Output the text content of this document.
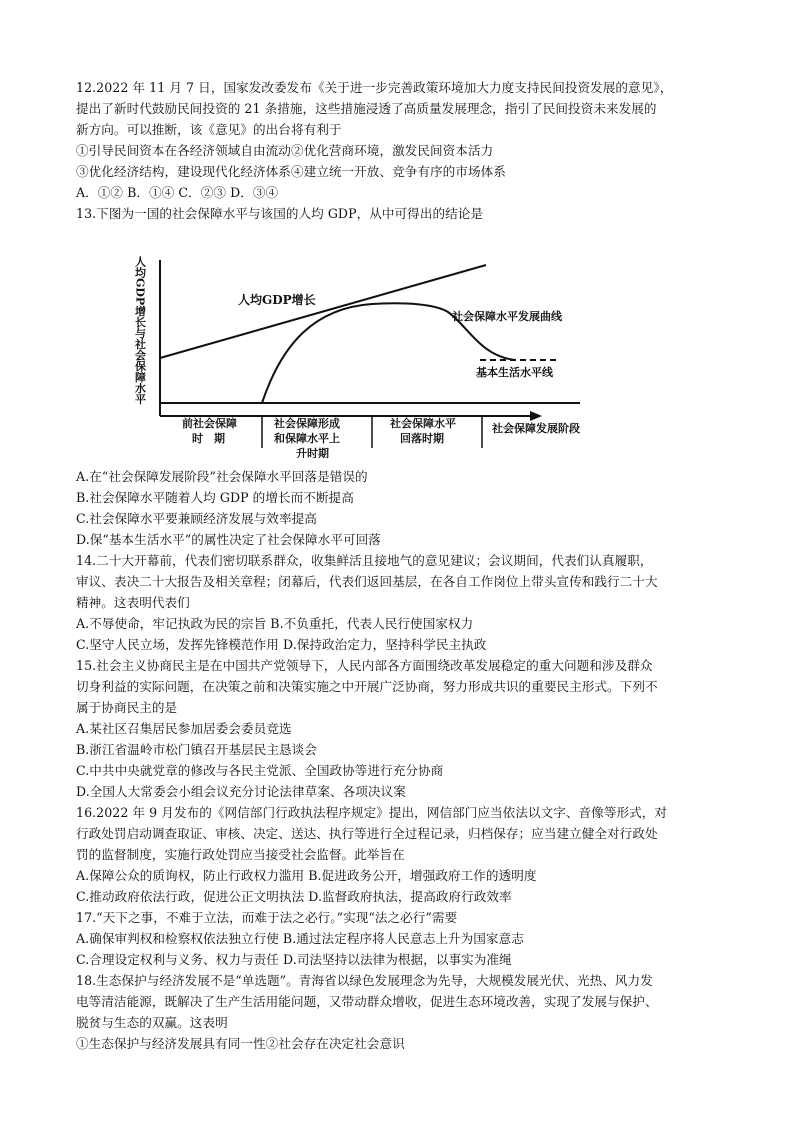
12.2022 年 11 月 7 日，国家发改委发布《关于进一步完善政策环境加大力度支持民间投资发展的意见》，
提出了新时代鼓励民间投资的 21 条措施，这些措施浸透了高质量发展理念，指引了民间投资未来发展的
新方向。可以推断，该《意见》的出台将有利于
①引导民间资本在各经济领域自由流动②优化营商环境，激发民间资本活力
③优化经济结构，建设现代化经济体系④建立统一开放、竞争有序的市场体系
A．①② B．①④ C．②③ D．③④
13.下图为一国的社会保障水平与该国的人均 GDP，从中可得出的结论是
人均GDP增长与社会保障水平	人均GDP增长
社会保障水平发展曲线
基本生活水平线
前社会保障
时　期
社会保障形成
和保障水平上
升时期
社会保障水平
回落时期
社会保障发展阶段
A.在“社会保障发展阶段”社会保障水平回落是错误的
B.社会保障水平随着人均 GDP 的增长而不断提高
C.社会保障水平要兼顾经济发展与效率提高
D.保“基本生活水平”的属性决定了社会保障水平可回落
14.二十大开幕前，代表们密切联系群众，收集鲜活且接地气的意见建议；会议期间，代表们认真履职，
审议、表决二十大报告及相关章程；闭幕后，代表们返回基层，在各自工作岗位上带头宣传和践行二十大
精神。这表明代表们
A.不辱使命，牢记执政为民的宗旨 B.不负重托，代表人民行使国家权力
C.坚守人民立场，发挥先锋模范作用 D.保持政治定力，坚持科学民主执政
15.社会主义协商民主是在中国共产党领导下，人民内部各方面围绕改革发展稳定的重大问题和涉及群众
切身利益的实际问题，在决策之前和决策实施之中开展广泛协商，努力形成共识的重要民主形式。下列不
属于协商民主的是
A.某社区召集居民参加居委会委员竞选
B.浙江省温岭市松门镇召开基层民主恳谈会
C.中共中央就党章的修改与各民主党派、全国政协等进行充分协商
D.全国人大常委会小组会议充分讨论法律草案、各项决议案
16.2022 年 9 月发布的《网信部门行政执法程序规定》提出，网信部门应当依法以文字、音像等形式，对
行政处罚启动调查取证、审核、决定、送达、执行等进行全过程记录，归档保存；应当建立健全对行政处
罚的监督制度，实施行政处罚应当接受社会监督。此举旨在
A.保障公众的质询权，防止行政权力滥用 B.促进政务公开，增强政府工作的透明度
C.推动政府依法行政，促进公正文明执法 D.监督政府执法，提高政府行政效率
17.“天下之事，不难于立法，而难于法之必行。”实现“法之必行”需要
A.确保审判权和检察权依法独立行使 B.通过法定程序将人民意志上升为国家意志
C.合理设定权利与义务、权力与责任 D.司法坚持以法律为根据，以事实为准绳
18.生态保护与经济发展不是“单选题”。青海省以绿色发展理念为先导，大规模发展光伏、光热、风力发
电等清洁能源，既解决了生产生活用能问题，又带动群众增收，促进生态环境改善，实现了发展与保护、
脱贫与生态的双赢。这表明
①生态保护与经济发展具有同一性②社会存在决定社会意识
